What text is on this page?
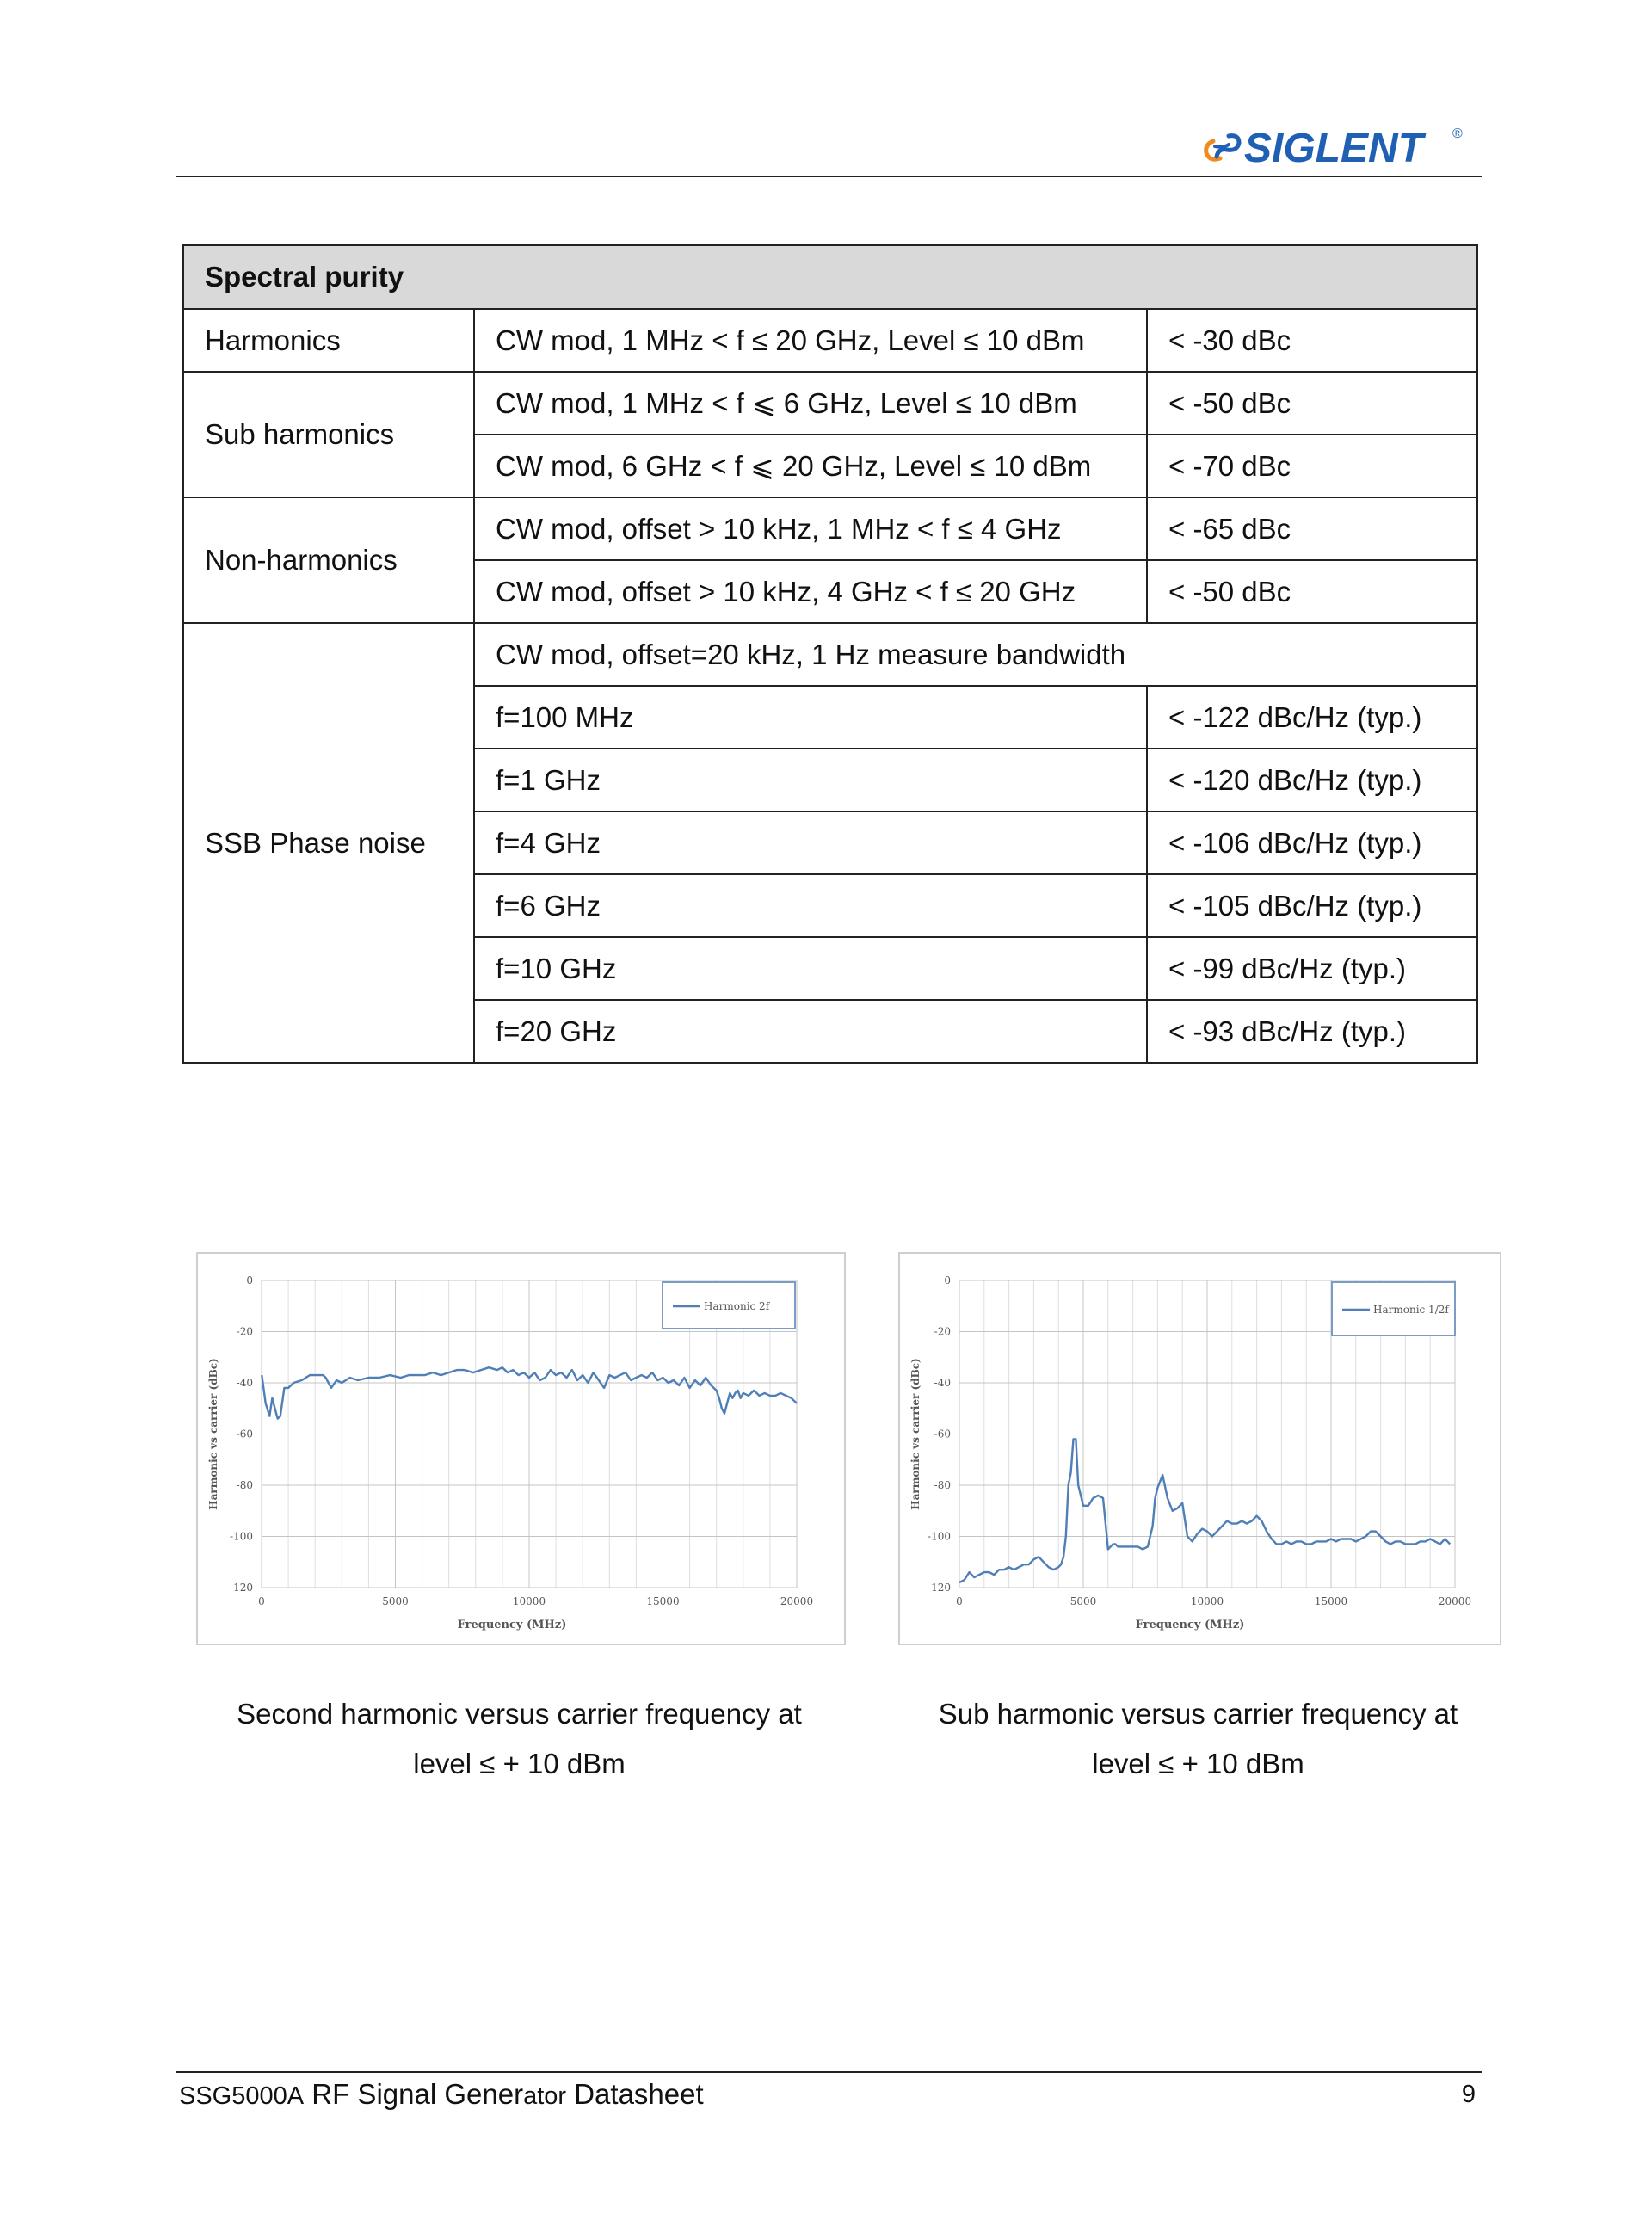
SIGLENT ®
Spectral purity		
Harmonics	CW mod, 1 MHz < f ≤ 20 GHz, Level ≤ 10 dBm	< -30 dBc
Sub harmonics	CW mod, 1 MHz < f ⩽ 6 GHz, Level ≤ 10 dBm	< -50 dBc
	CW mod, 6 GHz < f ⩽ 20 GHz, Level ≤ 10 dBm	< -70 dBc
Non-harmonics	CW mod, offset > 10 kHz, 1 MHz < f ≤ 4 GHz	< -65 dBc
	CW mod, offset > 10 kHz, 4 GHz < f ≤ 20 GHz	< -50 dBc
SSB Phase noise	CW mod, offset=20 kHz, 1 Hz measure bandwidth	
	f=100 MHz	< -122 dBc/Hz (typ.)
	f=1 GHz	< -120 dBc/Hz (typ.)
	f=4 GHz	< -106 dBc/Hz (typ.)
	f=6 GHz	< -105 dBc/Hz (typ.)
	f=10 GHz	< -99 dBc/Hz (typ.)
	f=20 GHz	< -93 dBc/Hz (typ.)
0
-20
-40
-60
-80
-100
-120
0	5000	10000	15000	20000
Frequency (MHz)
Harmonic vs carrier (dBc)
Harmonic 2f
0
-20
-40
-60
-80
-100
-120
0	5000	10000	15000	20000
Frequency (MHz)
Harmonic vs carrier (dBc)
Harmonic 1/2f
Second harmonic versus carrier frequency at
level ≤ + 10 dBm
Sub harmonic versus carrier frequency at
level ≤ + 10 dBm
SSG5000A RF Signal Generator Datasheet	9
